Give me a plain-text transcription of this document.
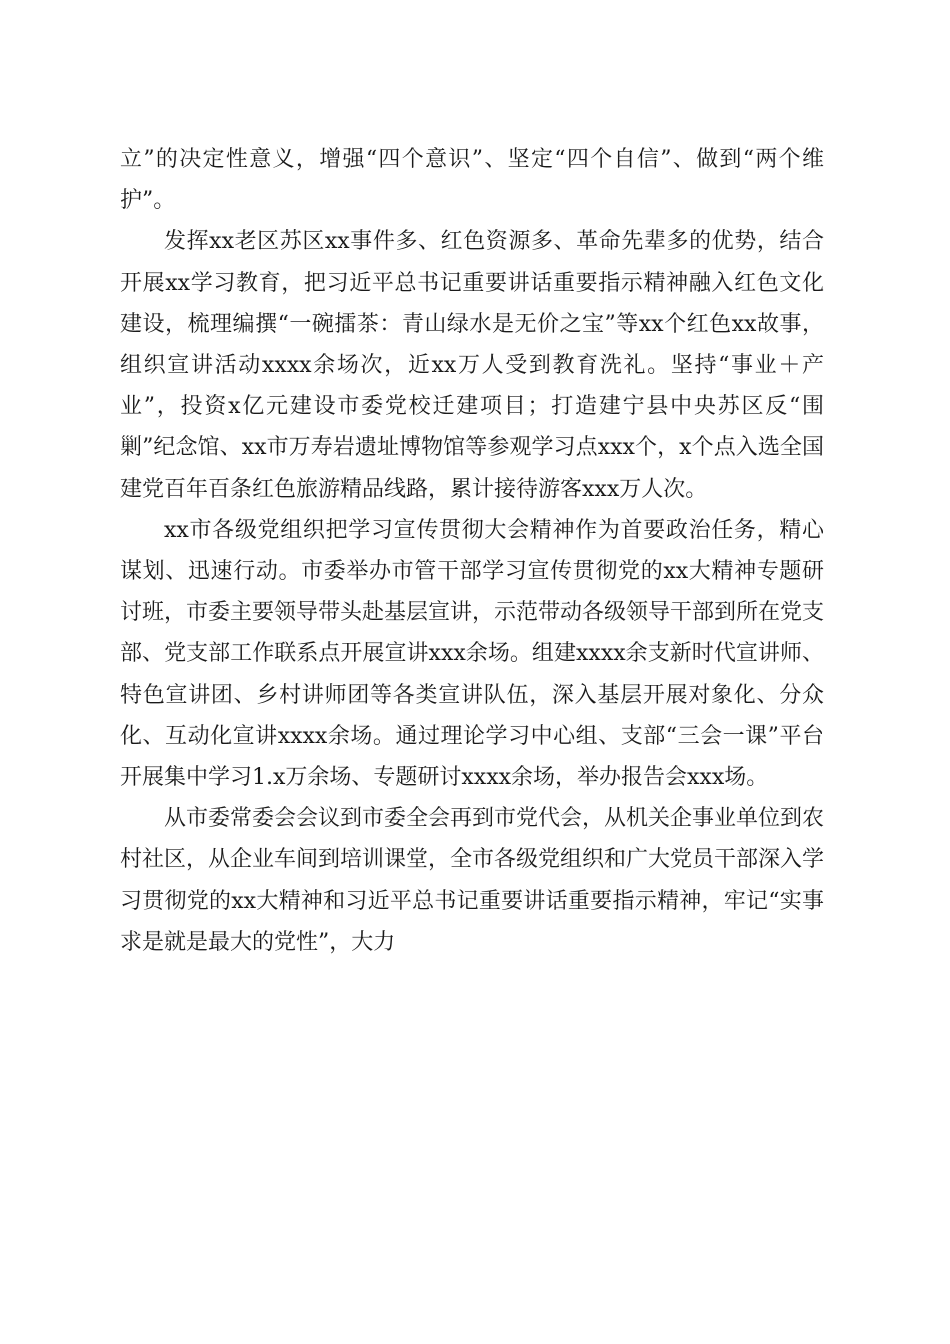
立”的决定性意义，增强“四个意识”、坚定“四个自信”、做到“两个维护”。

发挥xx老区苏区xx事件多、红色资源多、革命先辈多的优势，结合开展xx学习教育，把习近平总书记重要讲话重要指示精神融入红色文化建设，梳理编撰“一碗擂茶：青山绿水是无价之宝”等xx个红色xx故事，组织宣讲活动xxxx余场次，近xx万人受到教育洗礼。坚持“事业＋产业”，投资x亿元建设市委党校迁建项目；打造建宁县中央苏区反“围剿”纪念馆、xx市万寿岩遗址博物馆等参观学习点xxx个，x个点入选全国建党百年百条红色旅游精品线路，累计接待游客xxx万人次。

xx市各级党组织把学习宣传贯彻大会精神作为首要政治任务，精心谋划、迅速行动。市委举办市管干部学习宣传贯彻党的xx大精神专题研讨班，市委主要领导带头赴基层宣讲，示范带动各级领导干部到所在党支部、党支部工作联系点开展宣讲xxx余场。组建xxxx余支新时代宣讲师、特色宣讲团、乡村讲师团等各类宣讲队伍，深入基层开展对象化、分众化、互动化宣讲xxxx余场。通过理论学习中心组、支部“三会一课”平台开展集中学习1.x万余场、专题研讨xxxx余场，举办报告会xxx场。

从市委常委会会议到市委全会再到市党代会，从机关企事业单位到农村社区，从企业车间到培训课堂，全市各级党组织和广大党员干部深入学习贯彻党的xx大精神和习近平总书记重要讲话重要指示精神，牢记“实事求是就是最大的党性”，大力
